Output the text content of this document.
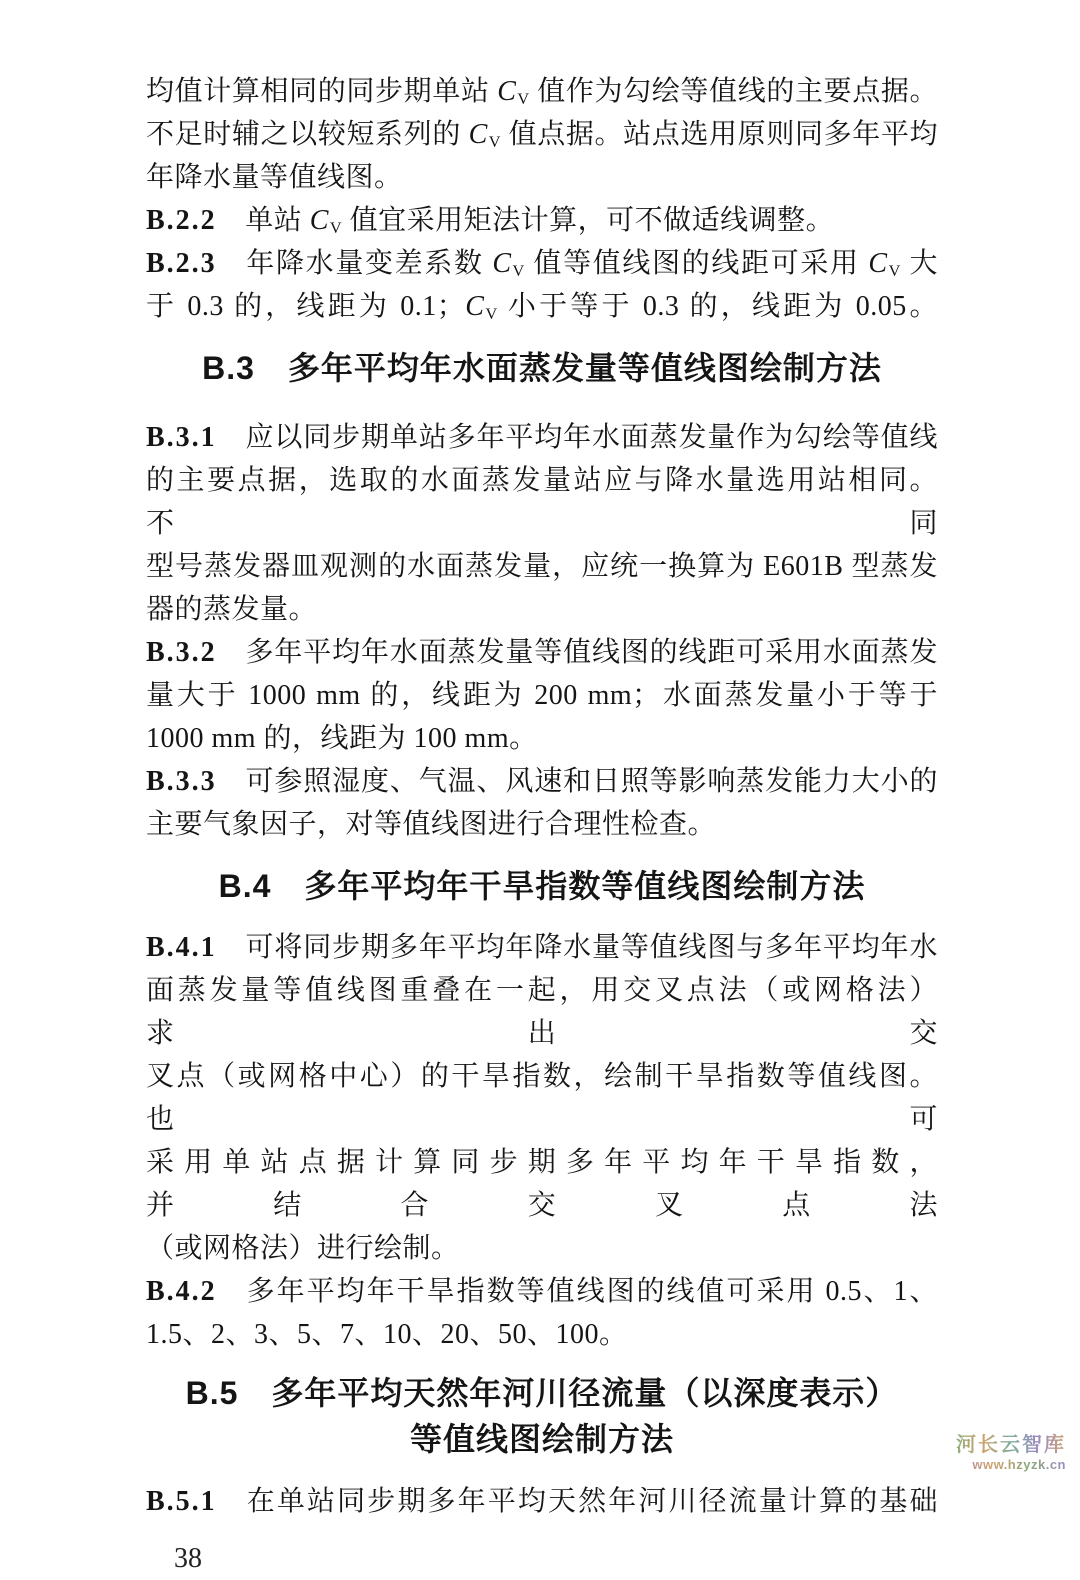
均值计算相同的同步期单站 $C_V$ 值作为勾绘等值线的主要点据。
不足时辅之以较短系列的 $C_V$ 值点据。站点选用原则同多年平均
年降水量等值线图。

B.2.2 单站 $C_V$ 值宜采用矩法计算，可不做适线调整。

B.2.3 年降水量变差系数 $C_V$ 值等值线图的线距可采用 $C_V$ 大
于 0.3 的，线距为 0.1；$C_V$ 小于等于 0.3 的，线距为 0.05。

B.3 多年平均年水面蒸发量等值线图绘制方法

B.3.1 应以同步期单站多年平均年水面蒸发量作为勾绘等值线
的主要点据，选取的水面蒸发量站应与降水量选用站相同。不同
型号蒸发器皿观测的水面蒸发量，应统一换算为 E601B 型蒸发
器的蒸发量。

B.3.2 多年平均年水面蒸发量等值线图的线距可采用水面蒸发
量大于 1000 mm 的，线距为 200 mm；水面蒸发量小于等于
1000 mm 的，线距为 100 mm。

B.3.3 可参照湿度、气温、风速和日照等影响蒸发能力大小的
主要气象因子，对等值线图进行合理性检查。

B.4 多年平均年干旱指数等值线图绘制方法

B.4.1 可将同步期多年平均年降水量等值线图与多年平均年水
面蒸发量等值线图重叠在一起，用交叉点法（或网格法）求出交
叉点（或网格中心）的干旱指数，绘制干旱指数等值线图。也可
采用单站点据计算同步期多年平均年干旱指数，并结合交叉点法
（或网格法）进行绘制。

B.4.2 多年平均年干旱指数等值线图的线值可采用 0.5、1、
1.5、2、3、5、7、10、20、50、100。

B.5 多年平均天然年河川径流量（以深度表示）
等值线图绘制方法

B.5.1 在单站同步期多年平均天然年河川径流量计算的基础

38
河长云智库
www.hzyzk.cn
